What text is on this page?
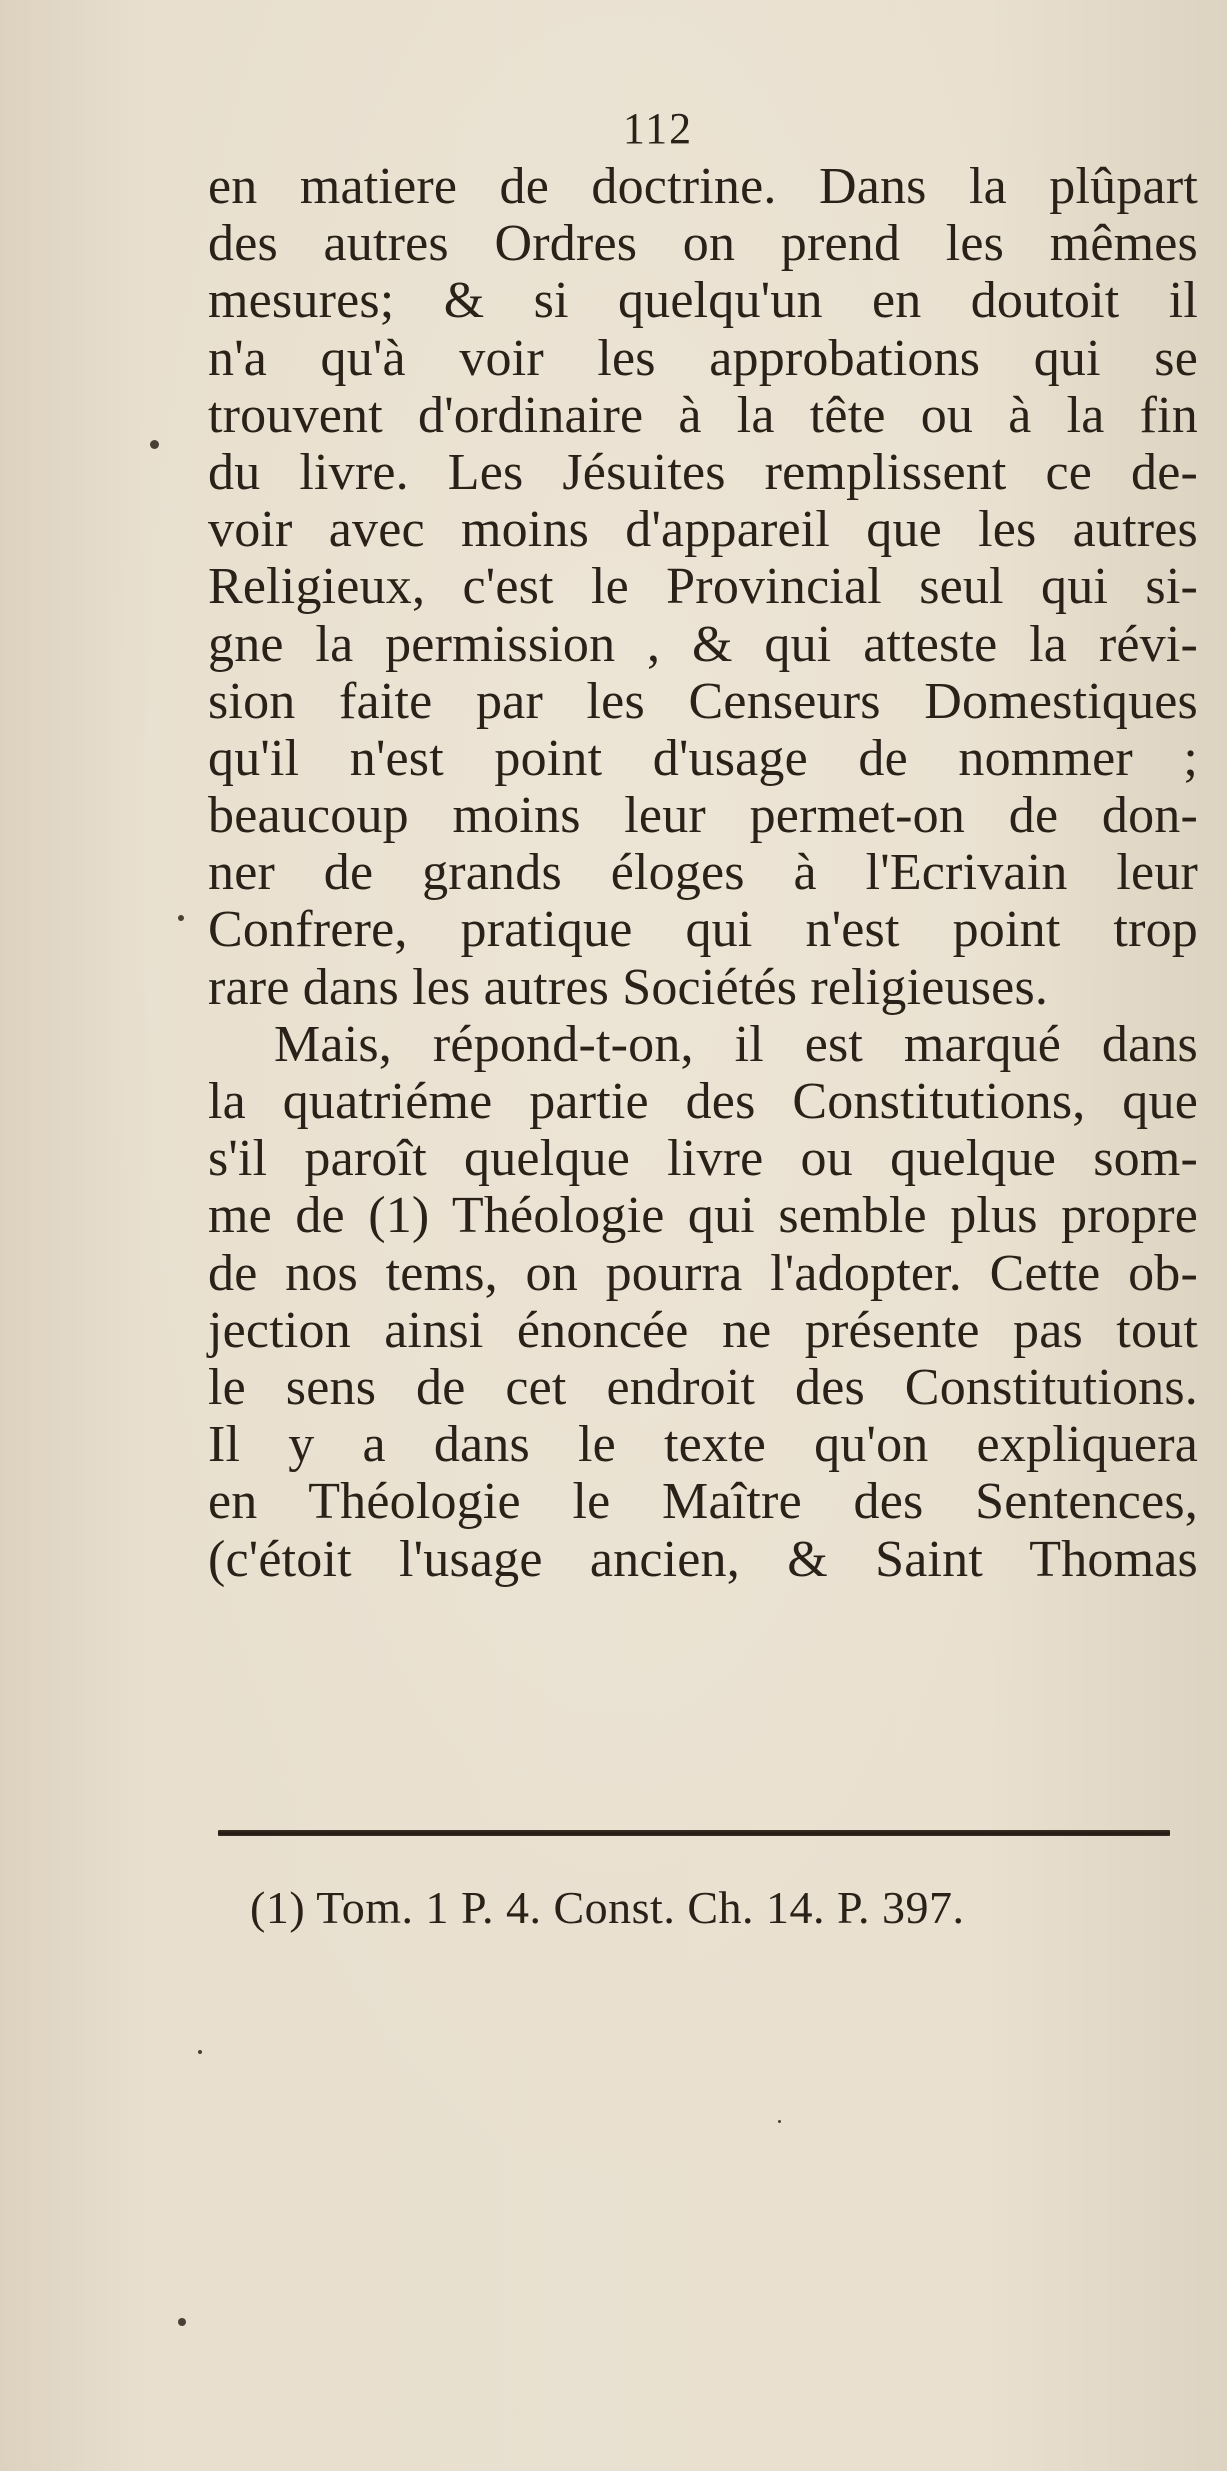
112
en matiere de doctrine. Dans la plûpart
des autres Ordres on prend les mêmes
mesures; & si quelqu'un en doutoit il
n'a qu'à voir les approbations qui se
trouvent d'ordinaire à la tête ou à la fin
du livre. Les Jésuites remplissent ce de-
voir avec moins d'appareil que les autres
Religieux, c'est le Provincial seul qui si-
gne la permission , & qui atteste la révi-
sion faite par les Censeurs Domestiques
qu'il n'est point d'usage de nommer ;
beaucoup moins leur permet-on de don-
ner de grands éloges à l'Ecrivain leur
Confrere, pratique qui n'est point trop
rare dans les autres Sociétés religieuses.
Mais, répond-t-on, il est marqué dans
la quatriéme partie des Constitutions, que
s'il paroît quelque livre ou quelque som-
me de (1) Théologie qui semble plus propre
de nos tems, on pourra l'adopter. Cette ob-
jection ainsi énoncée ne présente pas tout
le sens de cet endroit des Constitutions.
Il y a dans le texte qu'on expliquera
en Théologie le Maître des Sentences,
(c'étoit l'usage ancien, & Saint Thomas
(1) Tom. 1 P. 4. Const. Ch. 14. P. 397.
